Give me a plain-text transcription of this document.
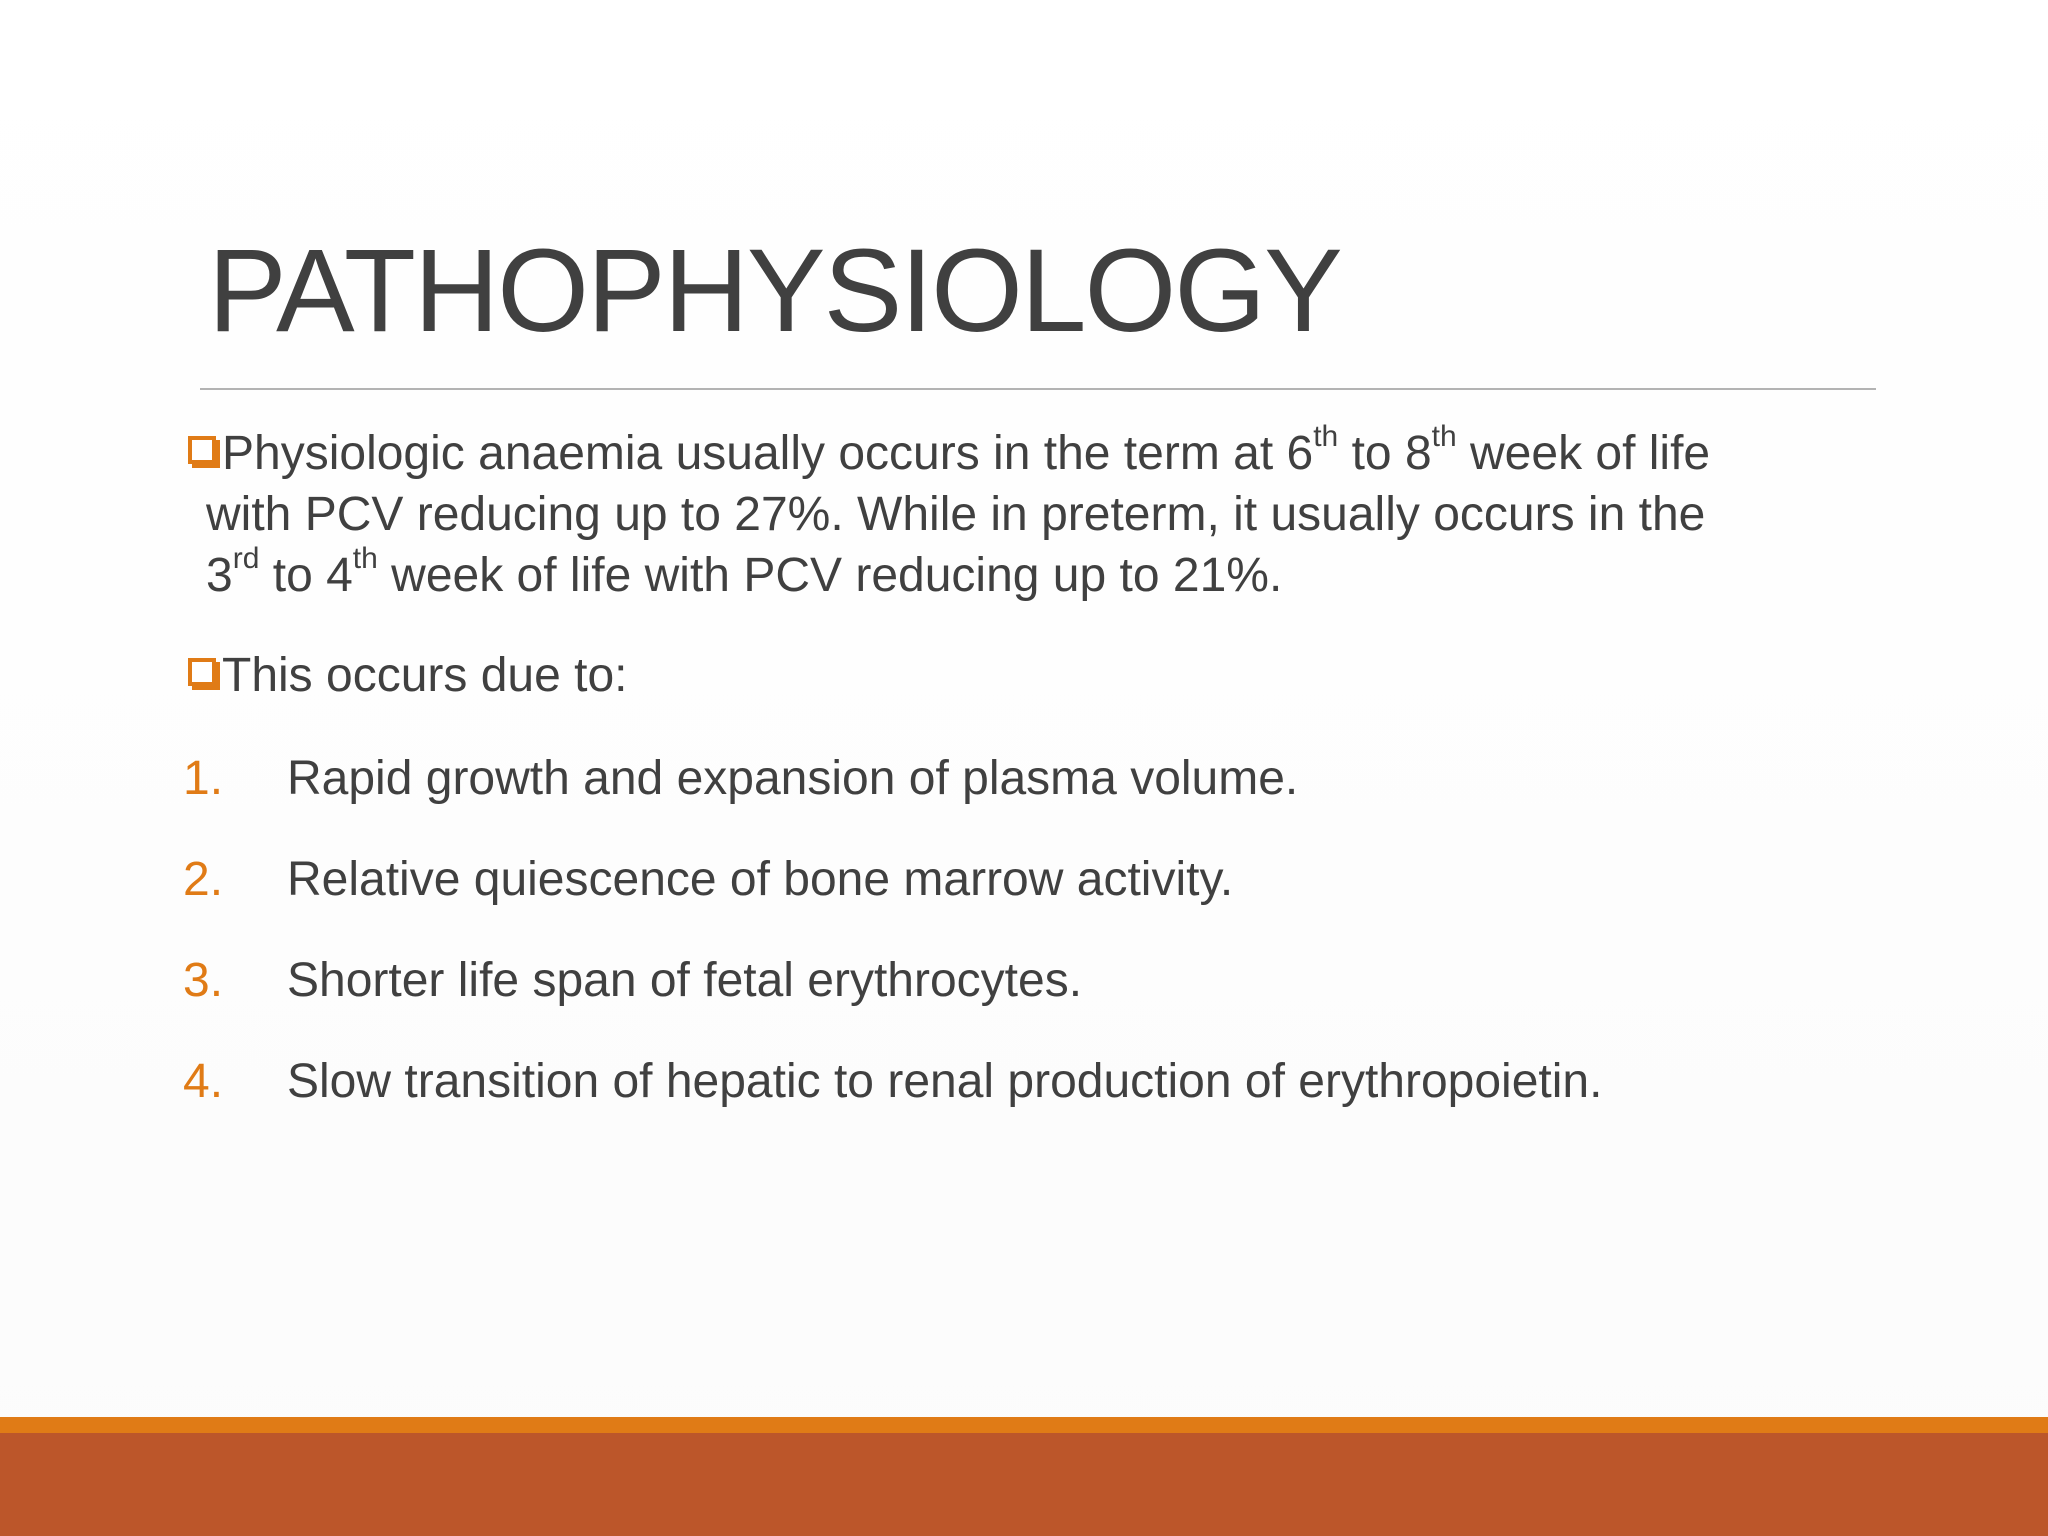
PATHOPHYSIOLOGY
Physiologic anaemia usually occurs in the term at 6th to 8th week of life
with PCV reducing up to 27%. While in preterm, it usually occurs in the
3rd to 4th week of life with PCV reducing up to 21%.
This occurs due to:
1. Rapid growth and expansion of plasma volume.
2. Relative quiescence of bone marrow activity.
3. Shorter life span of fetal erythrocytes.
4. Slow transition of hepatic to renal production of erythropoietin.
